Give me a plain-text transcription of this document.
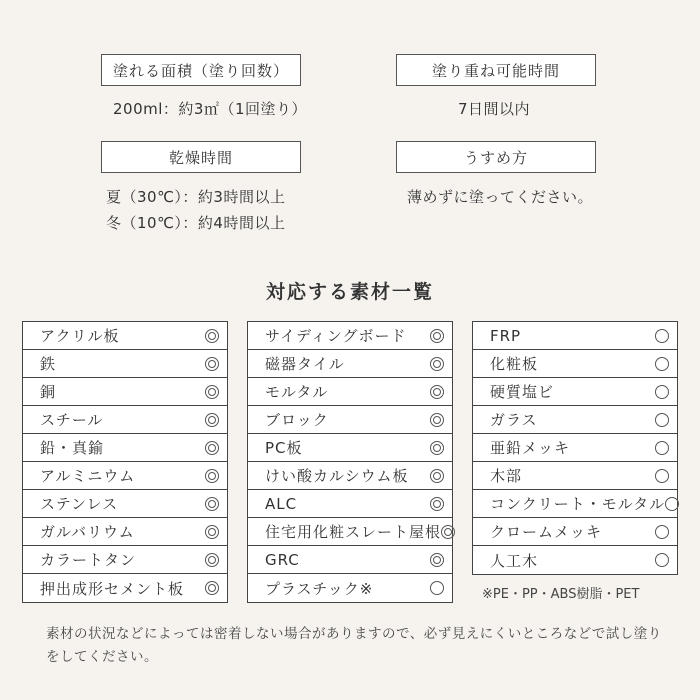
塗れる面積（塗り回数）
200ml：約3㎡（1回塗り）
塗り重ね可能時間
7日間以内
乾燥時間
夏（30℃）：約3時間以上
冬（10℃）：約4時間以上
うすめ方
薄めずに塗ってください。
対応する素材一覧
アクリル板
鉄
銅
スチール
鉛・真鍮
アルミニウム
ステンレス
ガルバリウム
カラートタン
押出成形セメント板
サイディングボード
磁器タイル
モルタル
ブロック
PC板
けい酸カルシウム板
ALC
住宅用化粧スレート屋根
GRC
プラスチック※
FRP
化粧板
硬質塩ビ
ガラス
亜鉛メッキ
木部
コンクリート・モルタル
クロームメッキ
人工木
※PE・PP・ABS樹脂・PET
素材の状況などによっては密着しない場合がありますので、必ず見えにくいところなどで試し塗りをしてください。
